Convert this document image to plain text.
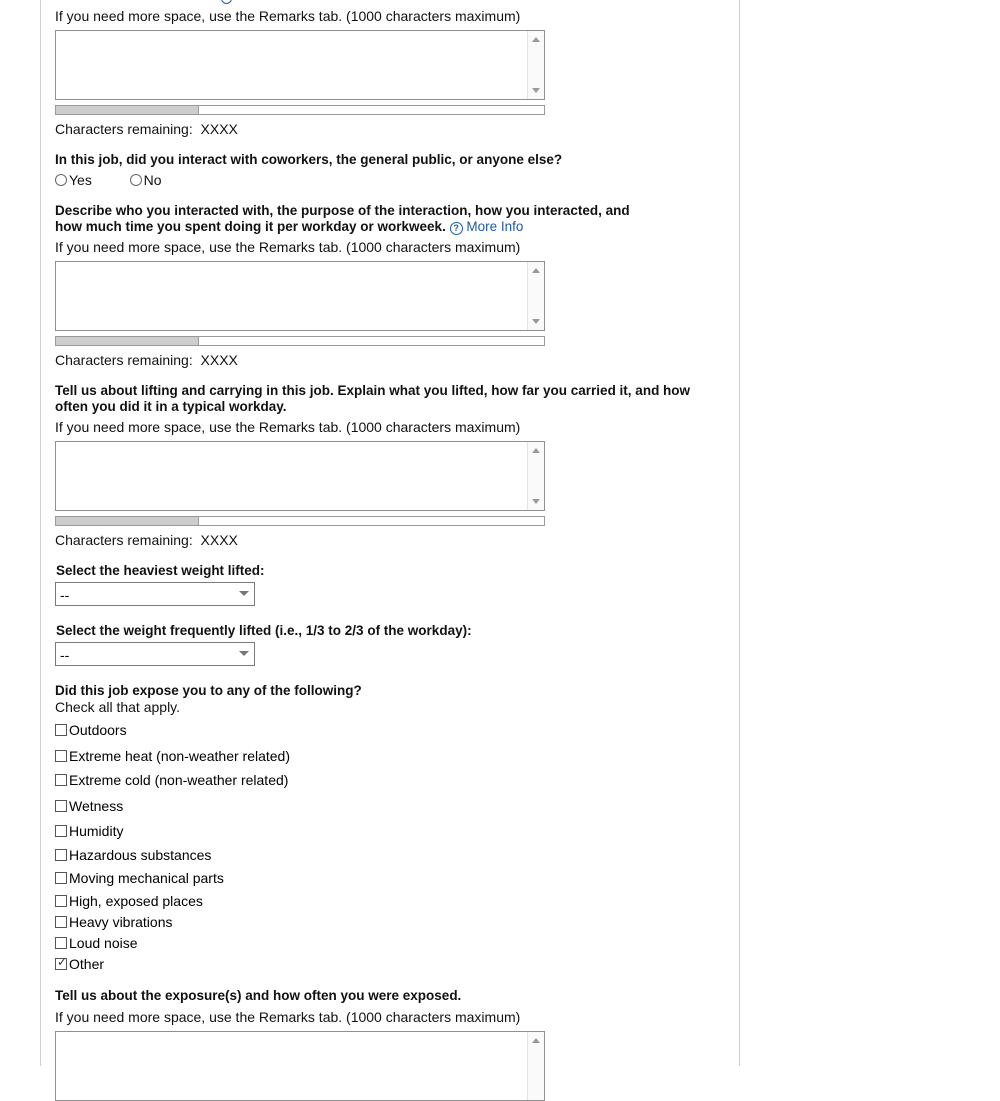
If you need more space, use the Remarks tab. (1000 characters maximum)
Characters remaining: XXXX
In this job, did you interact with coworkers, the general public, or anyone else?
Yes	No
Describe who you interacted with, the purpose of the interaction, how you interacted, and
how much time you spent doing it per workday or workweek. ? More Info
If you need more space, use the Remarks tab. (1000 characters maximum)
Characters remaining: XXXX
Tell us about lifting and carrying in this job. Explain what you lifted, how far you carried it, and how
often you did it in a typical workday.
If you need more space, use the Remarks tab. (1000 characters maximum)
Characters remaining: XXXX
Select the heaviest weight lifted:
--
Select the weight frequently lifted (i.e., 1/3 to 2/3 of the workday):
--
Did this job expose you to any of the following?
Check all that apply.
Outdoors
Extreme heat (non-weather related)
Extreme cold (non-weather related)
Wetness
Humidity
Hazardous substances
Moving mechanical parts
High, exposed places
Heavy vibrations
Loud noise
✓ Other
Tell us about the exposure(s) and how often you were exposed.
If you need more space, use the Remarks tab. (1000 characters maximum)
